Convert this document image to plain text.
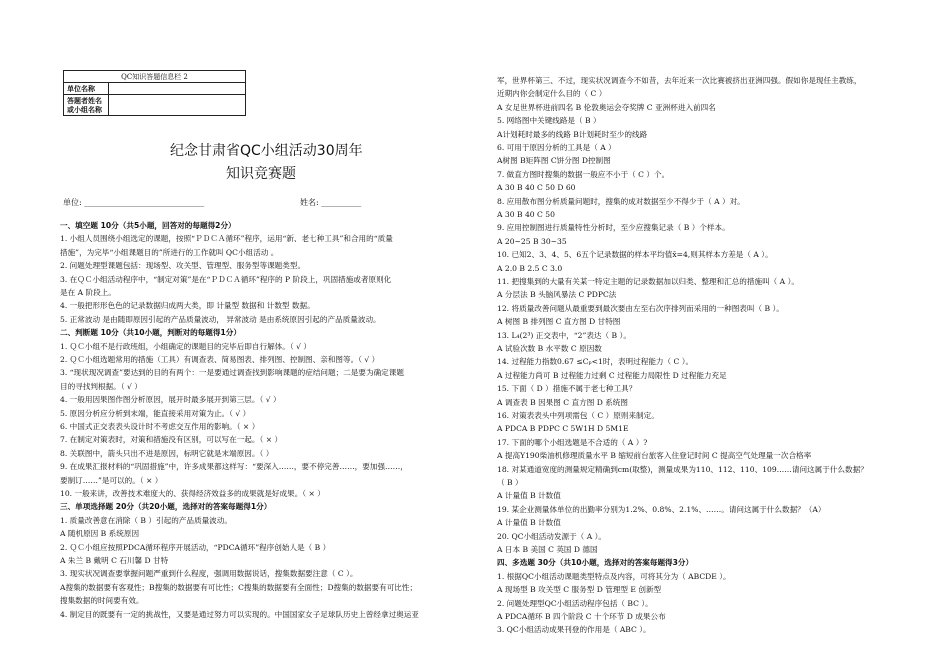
QC知识答题信息栏 2	
单位名称	

答题者姓名
或小组名称	

纪念甘肃省QC小组活动30周年
知识竞赛题
单位: ______________________________	姓名: __________
一、填空题 10分（共5小题，回答对的每题得2分）
1. 小组人员围绕小组选定的课题，按照“ＰＤＣＡ循环”程序，运用“新、老七种工具”和合用的“质量
措施”，为完毕“小组课题目的”所进行的工作就叫 QC小组活动 。
2. 问题处理型课题包括：现场型、攻关型、管理型、服务型等课题类型。
3. 在ＱＣ小组活动程序中，“制定对策”是在“ＰＤＣＡ循环”程序的 P 阶段上，巩固措施或者原则化
是在 A 阶段上。
4. 一般把形形色色的记录数据归成两大类，即 计量型 数据和 计数型 数据。
5. 正常波动 是由随即原因引起的产品质量波动， 异常波动 是由系统原因引起的产品质量波动。
二、判断题 10分（共10小题，判断对的每题得1分）
1. ＱＣ小组不是行政班组，小组确定的课题目的完毕后即自行解体。（ √ ）
2. ＱＣ小组选题常用的措施（工具）有调查表、简易图表、排列图、控制图、亲和图等。（ √ ）
3. “现状现况调查”要达到的目的有两个：一是要通过调查找到影响课题的症结问题；二是要为确定课题
目的寻找判根据。（ √ ）
4. 一般用因果图作图分析原因，展开时最多展开到第三层。（ √ ）
5. 原因分析应分析到末端，能直接采用对策为止。（ √ ）
6. 中国式正交表表头设计时不考虑交互作用的影响。（ × ）
7. 在制定对策表时，对策和措施没有区别，可以写在一起。（ × ）
8. 关联图中，箭头只出不进是原因，标明它就是末端原因。（ ）
9. 在成果汇报材料的“巩固措施”中，许多成果都这样写：“要深入……，要不停完善……，要加强……，
要制订……”是可以的。（ × ）
10. 一般来讲，改善技术难度大的、获得经济效益多的成果就是好成果。（ × ）
三、单项选择题 20分（共20小题，选择对的答案每题得1分）
1. 质量改善意在消除（ B ）引起的产品质量波动。
A 随机原因 B 系统原因
2. ＱＣ小组应按照PDCA循环程序开展活动，“PDCA循环”程序创始人是（ B ）
A 朱兰 B 戴明 C 石川馨 D 甘特
3. 现实状况调查要掌握问题严重到什么程度，强调用数据说话，搜集数据要注意（ C ）。
A搜集的数据要有客观性；B搜集的数据要有可比性；C搜集的数据要有全面性；D搜集的数据要有可比性；
搜集数据的时间要有效。
4. 制定目的既要有一定的挑战性，又要是通过努力可以实现的。中国国家女子足球队历史上曾经拿过奥运亚
军，世界杯第三、不过，现实状况调查今不如昔，去年近来一次比赛被挤出亚洲四强。假如你是现任主教练，
近期内你会制定什么目的（ C ）
A 女足世界杯进前四名 B 伦敦奥运会夺奖牌 C 亚洲杯进入前四名
5. 网络图中关键线路是（ B ）
A计划耗时最多的线路 B计划耗时至少的线路
6. 可用于原因分析的工具是（ A ）
A树图 B矩阵图 C饼分图 D控制图
7. 做直方图时搜集的数据一般应不小于（ C ）个。
A 30 B 40 C 50 D 60
8. 应用散布图分析质量问题时，搜集的成对数据至少不得少于（ A ）对。
A 30 B 40 C 50
9. 应用控制图进行质量特性分析时，至少应搜集记录（ B ）个样本。
A 20~25 B 30~35
10. 已知2、3、4、5、6五个记录数据的样本平均值x̄=4,则其样本方差是（ A ）。
A 2.0 B 2.5 C 3.0
11. 把搜集到的大量有关某一特定主题的记录数据加以归类、整理和汇总的措施叫（ A ）。
A 分层法 B 头脑风暴法 C PDPC法
12. 将质量改善问题从最重要到最次要由左至右次序排列而采用的一种图表叫（ B ）。
A 树图 B 排列图 C 直方图 D 甘特图
13. L₄(2³) 正交表中，“2”表达（ B ）。
A 试验次数 B 水平数 C 原因数
14. 过程能力指数0.67 ≤Cₚ<1时，表明过程能力（ C ）。
A 过程能力尚可 B 过程能力过剩 C 过程能力局限性 D 过程能力充足
15. 下面（ D ）措施不属于老七种工具？
A 调查表 B 因果图 C 直方图 D 系统图
16. 对策表表头中列项需包（ C ）原则来制定。
A PDCA B PDPC C 5W1H D 5M1E
17. 下面的哪个小组选题是不合适的（ A ）?
A 提高Y190柴油机修理质量水平 B 缩短前台旅客入住登记时间 C 提高空气处理量一次合格率
18. 对某通道宽度的测量规定精确到cm(取整)，测量成果为110、112、110、109……请问这属于什么数据？
（ B ）
A 计量值 B 计数值
19. 某企业测量体单位的出勤率分别为1.2%、0.8%、2.1%、……。请问这属于什么数据？（A）
A 计量值 B 计数值
20. QC小组活动发源于（ A ）。
A 日本 B 美国 C 英国 D 德国
四、多选题 30分（共10小题，选择对的答案每题得3分）
1. 根据QC小组活动课题类型特点及内容，可将其分为（ ABCDE ）。
A 现场型 B 攻关型 C 服务型 D 管理型 E 创新型
2. 问题处理型QC小组活动程序包括（ BC ）。
A PDCA循环 B 四个阶段 C 十个环节 D 成果公布
3. QC小组活动成果刊登的作用是（ ABC ）。
